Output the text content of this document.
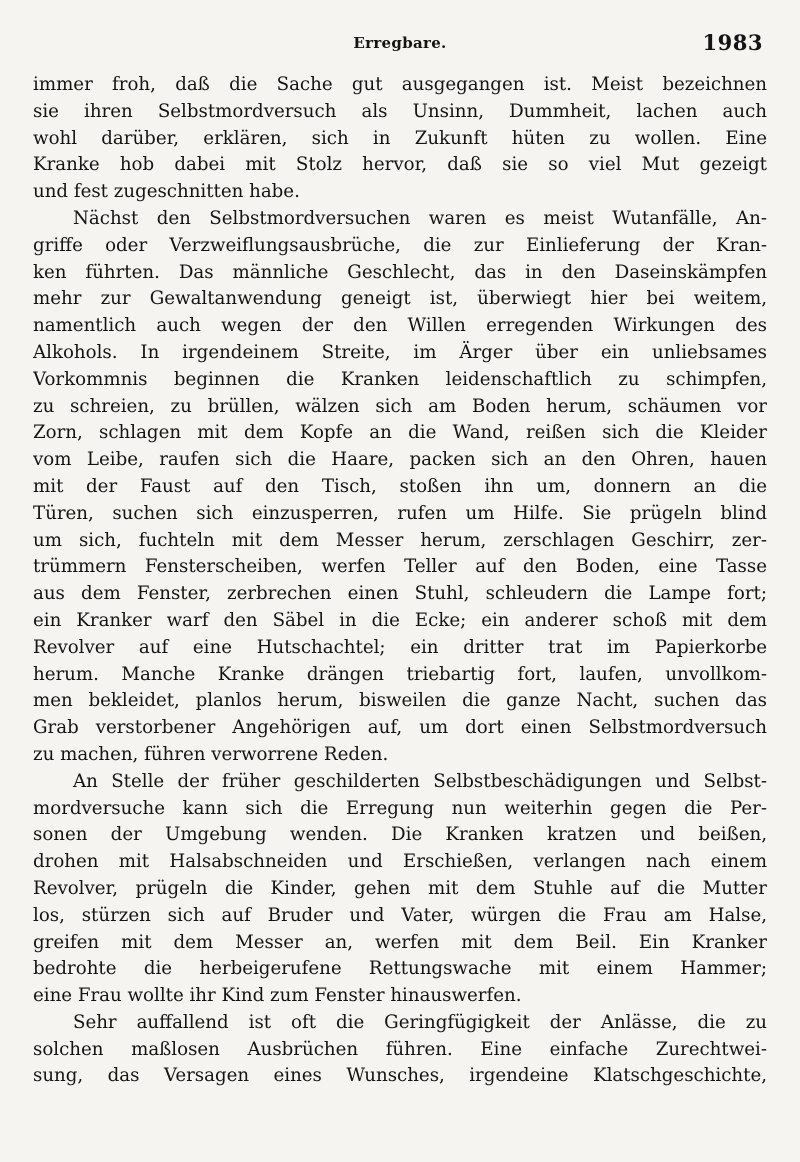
Erregbare.	1983
immer froh, daß die Sache gut ausgegangen ist. Meist bezeichnen
sie ihren Selbstmordversuch als Unsinn, Dummheit, lachen auch
wohl darüber, erklären, sich in Zukunft hüten zu wollen. Eine
Kranke hob dabei mit Stolz hervor, daß sie so viel Mut gezeigt
und fest zugeschnitten habe.
Nächst den Selbstmordversuchen waren es meist Wutanfälle, An-
griffe oder Verzweiflungsausbrüche, die zur Einlieferung der Kran-
ken führten. Das männliche Geschlecht, das in den Daseinskämpfen
mehr zur Gewaltanwendung geneigt ist, überwiegt hier bei weitem,
namentlich auch wegen der den Willen erregenden Wirkungen des
Alkohols. In irgendeinem Streite, im Ärger über ein unliebsames
Vorkommnis beginnen die Kranken leidenschaftlich zu schimpfen,
zu schreien, zu brüllen, wälzen sich am Boden herum, schäumen vor
Zorn, schlagen mit dem Kopfe an die Wand, reißen sich die Kleider
vom Leibe, raufen sich die Haare, packen sich an den Ohren, hauen
mit der Faust auf den Tisch, stoßen ihn um, donnern an die
Türen, suchen sich einzusperren, rufen um Hilfe. Sie prügeln blind
um sich, fuchteln mit dem Messer herum, zerschlagen Geschirr, zer-
trümmern Fensterscheiben, werfen Teller auf den Boden, eine Tasse
aus dem Fenster, zerbrechen einen Stuhl, schleudern die Lampe fort;
ein Kranker warf den Säbel in die Ecke; ein anderer schoß mit dem
Revolver auf eine Hutschachtel; ein dritter trat im Papierkorbe
herum. Manche Kranke drängen triebartig fort, laufen, unvollkom-
men bekleidet, planlos herum, bisweilen die ganze Nacht, suchen das
Grab verstorbener Angehörigen auf, um dort einen Selbstmordversuch
zu machen, führen verworrene Reden.
An Stelle der früher geschilderten Selbstbeschädigungen und Selbst-
mordversuche kann sich die Erregung nun weiterhin gegen die Per-
sonen der Umgebung wenden. Die Kranken kratzen und beißen,
drohen mit Halsabschneiden und Erschießen, verlangen nach einem
Revolver, prügeln die Kinder, gehen mit dem Stuhle auf die Mutter
los, stürzen sich auf Bruder und Vater, würgen die Frau am Halse,
greifen mit dem Messer an, werfen mit dem Beil. Ein Kranker
bedrohte die herbeigerufene Rettungswache mit einem Hammer;
eine Frau wollte ihr Kind zum Fenster hinauswerfen.
Sehr auffallend ist oft die Geringfügigkeit der Anlässe, die zu
solchen maßlosen Ausbrüchen führen. Eine einfache Zurechtwei-
sung, das Versagen eines Wunsches, irgendeine Klatschgeschichte,
